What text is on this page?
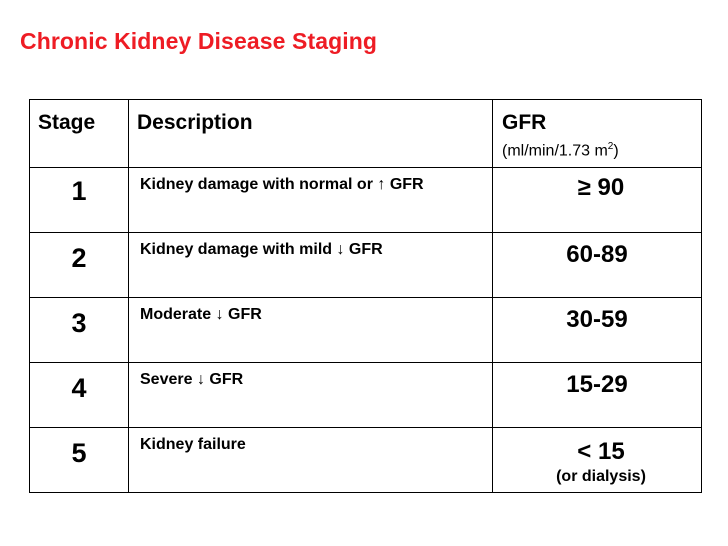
Chronic Kidney Disease Staging
Stage	Description	GFR
(ml/min/1.73 $m^2$)

1	Kidney damage with normal or ↑ GFR	≥ 90
2	Kidney damage with mild ↓ GFR	60-89
3	Moderate ↓ GFR	30-59
4	Severe ↓ GFR	15-29
5	Kidney failure	< 15
(or dialysis)
